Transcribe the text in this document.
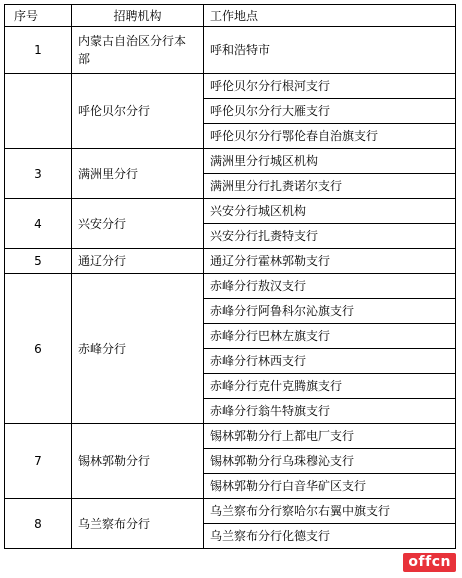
序号	招聘机构	工作地点
1	内蒙古自治区分行本部	呼和浩特市
	呼伦贝尔分行	呼伦贝尔分行根河支行
		呼伦贝尔分行大雁支行
		呼伦贝尔分行鄂伦春自治旗支行
3	满洲里分行	满洲里分行城区机构
		满洲里分行扎赉诺尔支行
4	兴安分行	兴安分行城区机构
		兴安分行扎赉特支行
5	通辽分行	通辽分行霍林郭勒支行
6	赤峰分行	赤峰分行敖汉支行
		赤峰分行阿鲁科尔沁旗支行
		赤峰分行巴林左旗支行
		赤峰分行林西支行
		赤峰分行克什克腾旗支行
		赤峰分行翁牛特旗支行
7	锡林郭勒分行	锡林郭勒分行上都电厂支行
		锡林郭勒分行乌珠穆沁支行
		锡林郭勒分行白音华矿区支行
8	乌兰察布分行	乌兰察布分行察哈尔右翼中旗支行
		乌兰察布分行化德支行
offcn
